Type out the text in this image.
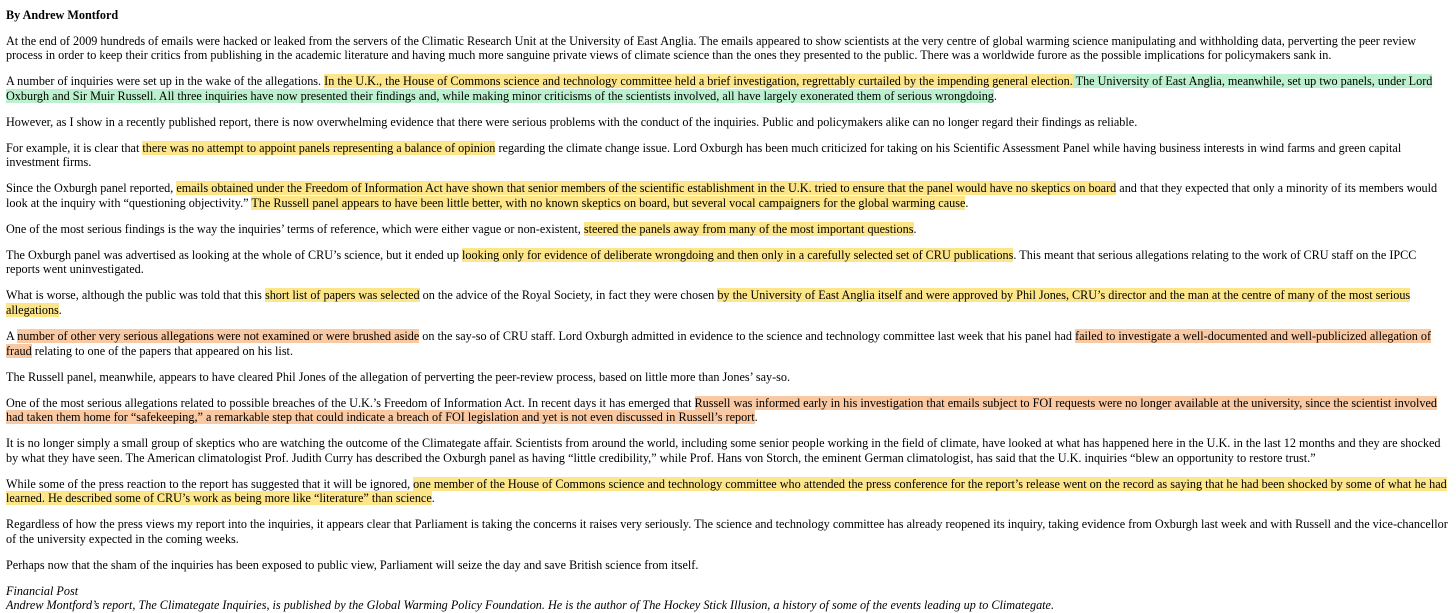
By Andrew Montford

At the end of 2009 hundreds of emails were hacked or leaked from the servers of the Climatic Research Unit at the University of East Anglia. The emails appeared to show scientists at the very centre of global warming science manipulating and withholding data, perverting the peer review process in order to keep their critics from publishing in the academic literature and having much more sanguine private views of climate science than the ones they presented to the public. There was a worldwide furore as the possible implications for policymakers sank in.

A number of inquiries were set up in the wake of the allegations. In the U.K., the House of Commons science and technology committee held a brief investigation, regrettably curtailed by the impending general election. The University of East Anglia, meanwhile, set up two panels, under Lord Oxburgh and Sir Muir Russell. All three inquiries have now presented their findings and, while making minor criticisms of the scientists involved, all have largely exonerated them of serious wrongdoing.

However, as I show in a recently published report, there is now overwhelming evidence that there were serious problems with the conduct of the inquiries. Public and policymakers alike can no longer regard their findings as reliable.

For example, it is clear that there was no attempt to appoint panels representing a balance of opinion regarding the climate change issue. Lord Oxburgh has been much criticized for taking on his Scientific Assessment Panel while having business interests in wind farms and green capital investment firms.

Since the Oxburgh panel reported, emails obtained under the Freedom of Information Act have shown that senior members of the scientific establishment in the U.K. tried to ensure that the panel would have no skeptics on board and that they expected that only a minority of its members would look at the inquiry with “questioning objectivity.” The Russell panel appears to have been little better, with no known skeptics on board, but several vocal campaigners for the global warming cause.

One of the most serious findings is the way the inquiries’ terms of reference, which were either vague or non-existent, steered the panels away from many of the most important questions.

The Oxburgh panel was advertised as looking at the whole of CRU’s science, but it ended up looking only for evidence of deliberate wrongdoing and then only in a carefully selected set of CRU publications. This meant that serious allegations relating to the work of CRU staff on the IPCC reports went uninvestigated.

What is worse, although the public was told that this short list of papers was selected on the advice of the Royal Society, in fact they were chosen by the University of East Anglia itself and were approved by Phil Jones, CRU’s director and the man at the centre of many of the most serious allegations.

A number of other very serious allegations were not examined or were brushed aside on the say-so of CRU staff. Lord Oxburgh admitted in evidence to the science and technology committee last week that his panel had failed to investigate a well-documented and well-publicized allegation of fraud relating to one of the papers that appeared on his list.

The Russell panel, meanwhile, appears to have cleared Phil Jones of the allegation of perverting the peer-review process, based on little more than Jones’ say-so.

One of the most serious allegations related to possible breaches of the U.K.’s Freedom of Information Act. In recent days it has emerged that Russell was informed early in his investigation that emails subject to FOI requests were no longer available at the university, since the scientist involved had taken them home for “safekeeping,” a remarkable step that could indicate a breach of FOI legislation and yet is not even discussed in Russell’s report.

It is no longer simply a small group of skeptics who are watching the outcome of the Climategate affair. Scientists from around the world, including some senior people working in the field of climate, have looked at what has happened here in the U.K. in the last 12 months and they are shocked by what they have seen. The American climatologist Prof. Judith Curry has described the Oxburgh panel as having “little credibility,” while Prof. Hans von Storch, the eminent German climatologist, has said that the U.K. inquiries “blew an opportunity to restore trust.”

While some of the press reaction to the report has suggested that it will be ignored, one member of the House of Commons science and technology committee who attended the press conference for the report’s release went on the record as saying that he had been shocked by some of what he had learned. He described some of CRU’s work as being more like “literature” than science.

Regardless of how the press views my report into the inquiries, it appears clear that Parliament is taking the concerns it raises very seriously. The science and technology committee has already reopened its inquiry, taking evidence from Oxburgh last week and with Russell and the vice-chancellor of the university expected in the coming weeks.

Perhaps now that the sham of the inquiries has been exposed to public view, Parliament will seize the day and save British science from itself.

Financial Post
Andrew Montford’s report, The Climategate Inquiries, is published by the Global Warming Policy Foundation. He is the author of The Hockey Stick Illusion, a history of some of the events leading up to Climategate.
